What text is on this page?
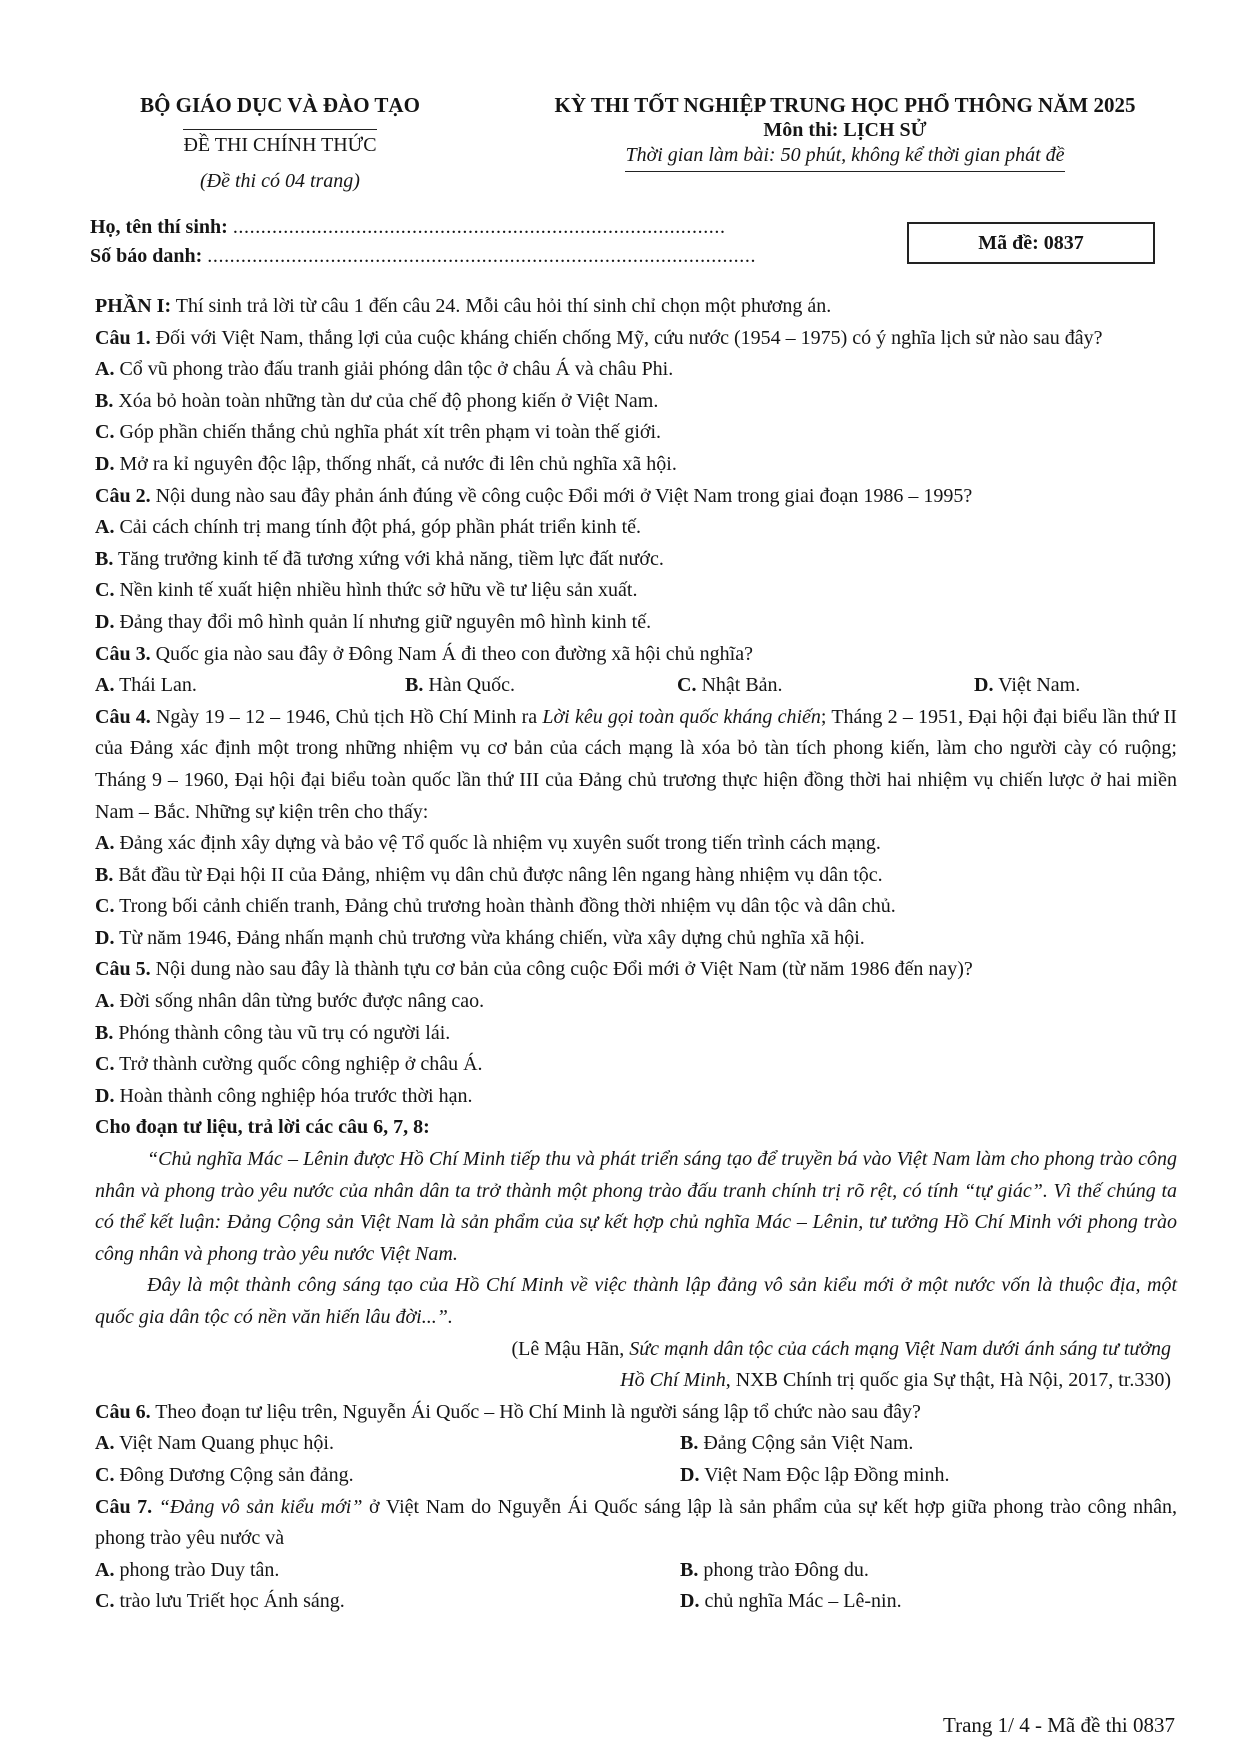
BỘ GIÁO DỤC VÀ ĐÀO TẠO
ĐỀ THI CHÍNH THỨC
(Đề thi có 04 trang)
KỲ THI TỐT NGHIỆP TRUNG HỌC PHỔ THÔNG NĂM 2025
Môn thi: LỊCH SỬ
Thời gian làm bài: 50 phút, không kể thời gian phát đề
Họ, tên thí sinh: ........................................................................................
Số báo danh: ..................................................................................................
Mã đề: 0837

PHẦN I: Thí sinh trả lời từ câu 1 đến câu 24. Mỗi câu hỏi thí sinh chỉ chọn một phương án.

Câu 1. Đối với Việt Nam, thắng lợi của cuộc kháng chiến chống Mỹ, cứu nước (1954 – 1975) có ý nghĩa lịch sử nào sau đây?

A. Cổ vũ phong trào đấu tranh giải phóng dân tộc ở châu Á và châu Phi.

B. Xóa bỏ hoàn toàn những tàn dư của chế độ phong kiến ở Việt Nam.

C. Góp phần chiến thắng chủ nghĩa phát xít trên phạm vi toàn thế giới.

D. Mở ra kỉ nguyên độc lập, thống nhất, cả nước đi lên chủ nghĩa xã hội.

Câu 2. Nội dung nào sau đây phản ánh đúng về công cuộc Đổi mới ở Việt Nam trong giai đoạn 1986 – 1995?

A. Cải cách chính trị mang tính đột phá, góp phần phát triển kinh tế.

B. Tăng trưởng kinh tế đã tương xứng với khả năng, tiềm lực đất nước.

C. Nền kinh tế xuất hiện nhiều hình thức sở hữu về tư liệu sản xuất.

D. Đảng thay đổi mô hình quản lí nhưng giữ nguyên mô hình kinh tế.

Câu 3. Quốc gia nào sau đây ở Đông Nam Á đi theo con đường xã hội chủ nghĩa?

A. Thái Lan.	B. Hàn Quốc.	C. Nhật Bản.	D. Việt Nam.

Câu 4. Ngày 19 – 12 – 1946, Chủ tịch Hồ Chí Minh ra Lời kêu gọi toàn quốc kháng chiến; Tháng 2 – 1951, Đại hội đại biểu lần thứ II của Đảng xác định một trong những nhiệm vụ cơ bản của cách mạng là xóa bỏ tàn tích phong kiến, làm cho người cày có ruộng; Tháng 9 – 1960, Đại hội đại biểu toàn quốc lần thứ III của Đảng chủ trương thực hiện đồng thời hai nhiệm vụ chiến lược ở hai miền Nam – Bắc. Những sự kiện trên cho thấy:

A. Đảng xác định xây dựng và bảo vệ Tổ quốc là nhiệm vụ xuyên suốt trong tiến trình cách mạng.

B. Bắt đầu từ Đại hội II của Đảng, nhiệm vụ dân chủ được nâng lên ngang hàng nhiệm vụ dân tộc.

C. Trong bối cảnh chiến tranh, Đảng chủ trương hoàn thành đồng thời nhiệm vụ dân tộc và dân chủ.

D. Từ năm 1946, Đảng nhấn mạnh chủ trương vừa kháng chiến, vừa xây dựng chủ nghĩa xã hội.

Câu 5. Nội dung nào sau đây là thành tựu cơ bản của công cuộc Đổi mới ở Việt Nam (từ năm 1986 đến nay)?

A. Đời sống nhân dân từng bước được nâng cao.

B. Phóng thành công tàu vũ trụ có người lái.

C. Trở thành cường quốc công nghiệp ở châu Á.

D. Hoàn thành công nghiệp hóa trước thời hạn.

Cho đoạn tư liệu, trả lời các câu 6, 7, 8:

“Chủ nghĩa Mác – Lênin được Hồ Chí Minh tiếp thu và phát triển sáng tạo để truyền bá vào Việt Nam làm cho phong trào công nhân và phong trào yêu nước của nhân dân ta trở thành một phong trào đấu tranh chính trị rõ rệt, có tính “tự giác”. Vì thế chúng ta có thể kết luận: Đảng Cộng sản Việt Nam là sản phẩm của sự kết hợp chủ nghĩa Mác – Lênin, tư tưởng Hồ Chí Minh với phong trào công nhân và phong trào yêu nước Việt Nam.

Đây là một thành công sáng tạo của Hồ Chí Minh về việc thành lập đảng vô sản kiểu mới ở một nước vốn là thuộc địa, một quốc gia dân tộc có nền văn hiến lâu đời...”.

(Lê Mậu Hãn, Sức mạnh dân tộc của cách mạng Việt Nam dưới ánh sáng tư tưởng

Hồ Chí Minh, NXB Chính trị quốc gia Sự thật, Hà Nội, 2017, tr.330)

Câu 6. Theo đoạn tư liệu trên, Nguyễn Ái Quốc – Hồ Chí Minh là người sáng lập tổ chức nào sau đây?

A. Việt Nam Quang phục hội.	B. Đảng Cộng sản Việt Nam.
C. Đông Dương Cộng sản đảng.	D. Việt Nam Độc lập Đồng minh.

Câu 7. “Đảng vô sản kiểu mới” ở Việt Nam do Nguyễn Ái Quốc sáng lập là sản phẩm của sự kết hợp giữa phong trào công nhân, phong trào yêu nước và

A. phong trào Duy tân.	B. phong trào Đông du.
C. trào lưu Triết học Ánh sáng.	D. chủ nghĩa Mác – Lê-nin.
Trang 1/ 4 - Mã đề thi 0837
